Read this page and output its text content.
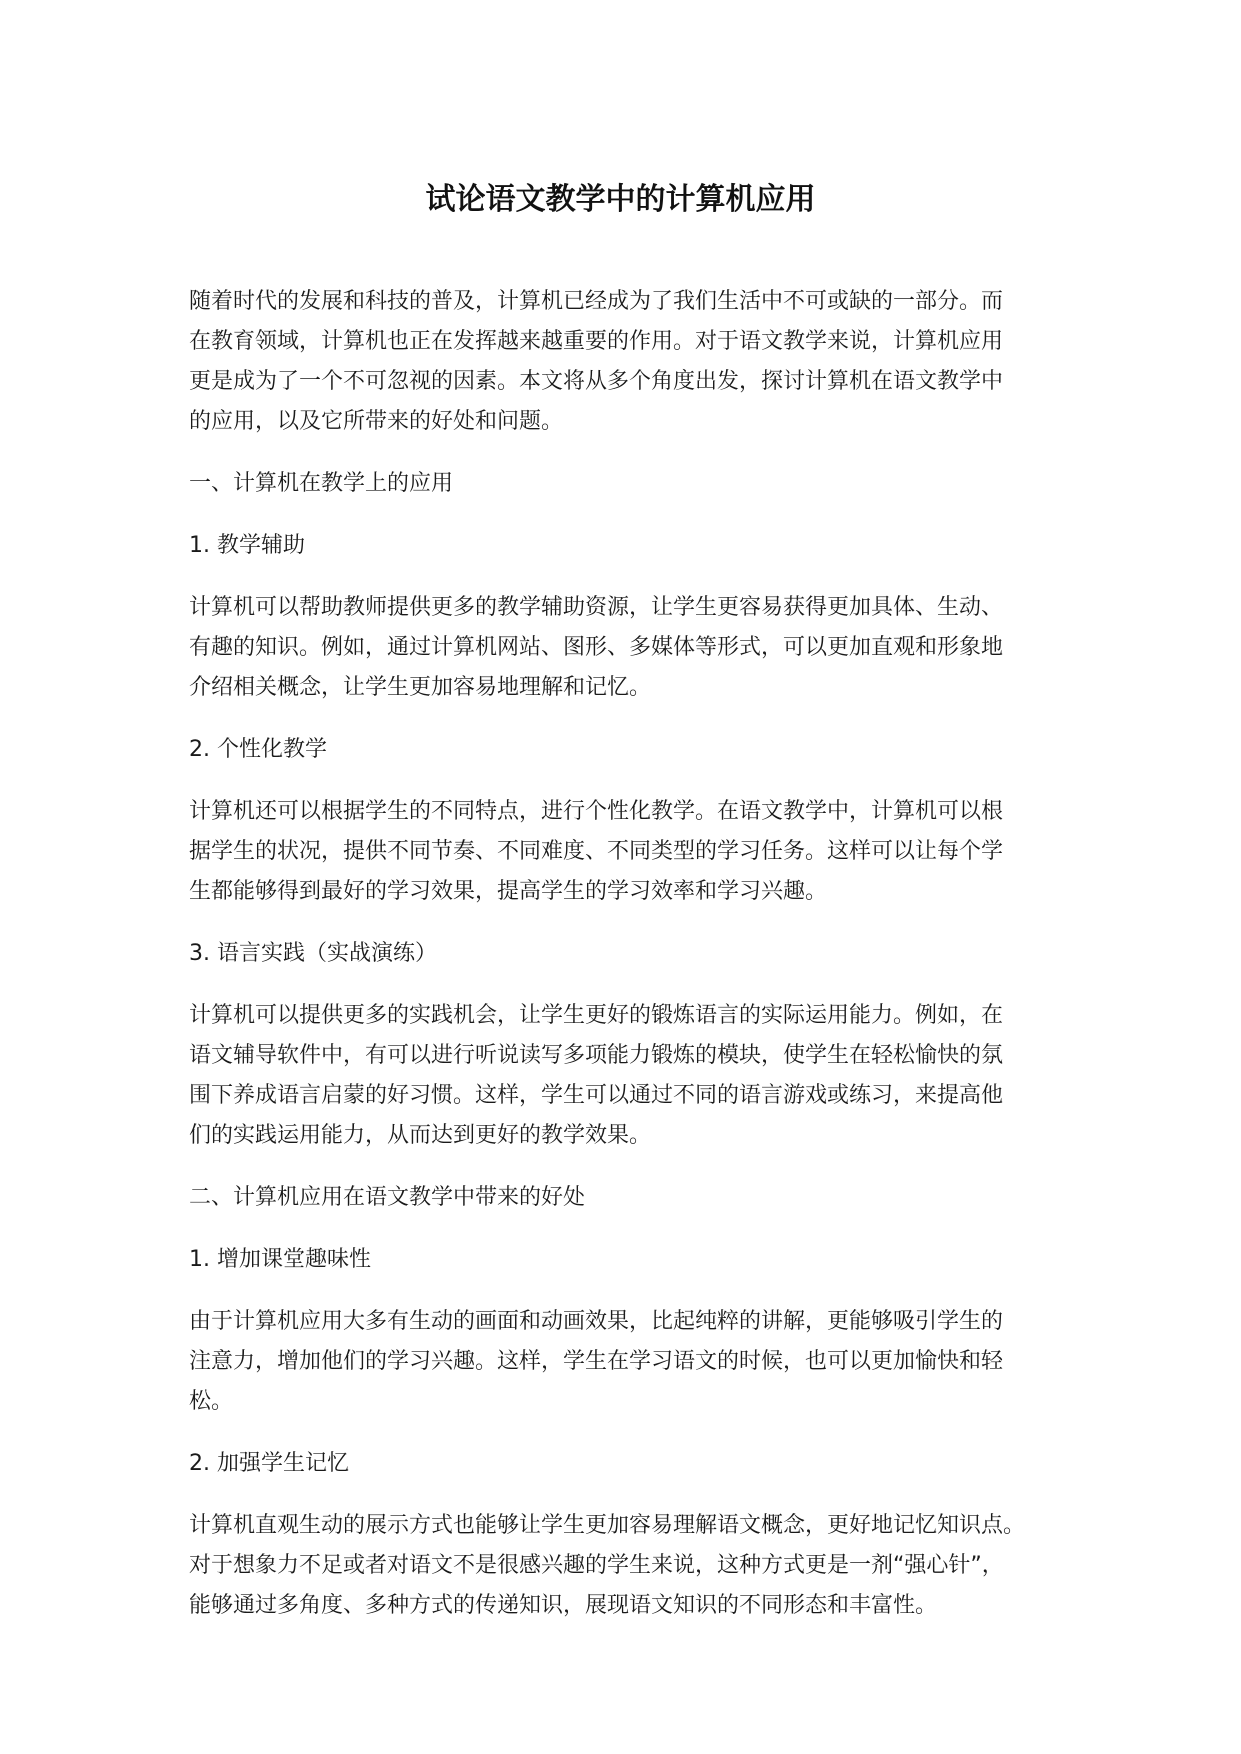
试论语文教学中的计算机应用
随着时代的发展和科技的普及，计算机已经成为了我们生活中不可或缺的一部分。而
在教育领域，计算机也正在发挥越来越重要的作用。对于语文教学来说，计算机应用
更是成为了一个不可忽视的因素。本文将从多个角度出发，探讨计算机在语文教学中
的应用，以及它所带来的好处和问题。
一、计算机在教学上的应用
1. 教学辅助
计算机可以帮助教师提供更多的教学辅助资源，让学生更容易获得更加具体、生动、
有趣的知识。例如，通过计算机网站、图形、多媒体等形式，可以更加直观和形象地
介绍相关概念，让学生更加容易地理解和记忆。
2. 个性化教学
计算机还可以根据学生的不同特点，进行个性化教学。在语文教学中，计算机可以根
据学生的状况，提供不同节奏、不同难度、不同类型的学习任务。这样可以让每个学
生都能够得到最好的学习效果，提高学生的学习效率和学习兴趣。
3. 语言实践（实战演练）
计算机可以提供更多的实践机会，让学生更好的锻炼语言的实际运用能力。例如，在
语文辅导软件中，有可以进行听说读写多项能力锻炼的模块，使学生在轻松愉快的氛
围下养成语言启蒙的好习惯。这样，学生可以通过不同的语言游戏或练习，来提高他
们的实践运用能力，从而达到更好的教学效果。
二、计算机应用在语文教学中带来的好处
1. 增加课堂趣味性
由于计算机应用大多有生动的画面和动画效果，比起纯粹的讲解，更能够吸引学生的
注意力，增加他们的学习兴趣。这样，学生在学习语文的时候，也可以更加愉快和轻
松。
2. 加强学生记忆
计算机直观生动的展示方式也能够让学生更加容易理解语文概念，更好地记忆知识点。
对于想象力不足或者对语文不是很感兴趣的学生来说，这种方式更是一剂“强心针”，
能够通过多角度、多种方式的传递知识，展现语文知识的不同形态和丰富性。
